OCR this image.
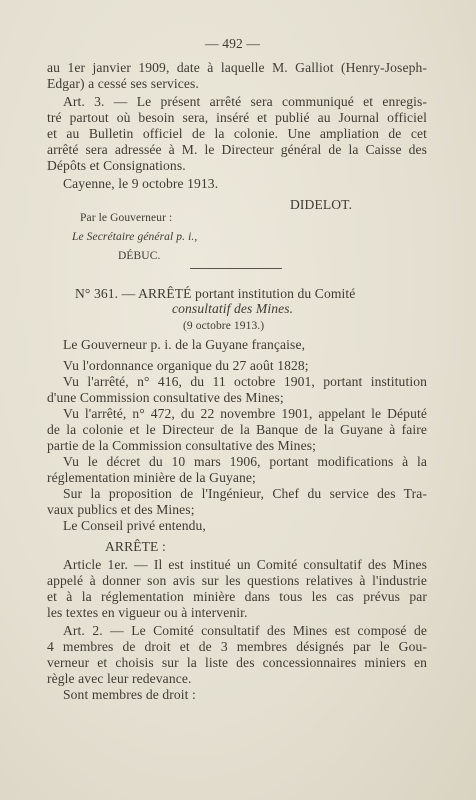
— 492 —
au 1er janvier 1909, date à laquelle M. Galliot (Henry-Joseph-
Edgar) a cessé ses services.
Art. 3. — Le présent arrêté sera communiqué et enregis-
tré partout où besoin sera, inséré et publié au Journal officiel
et au Bulletin officiel de la colonie. Une ampliation de cet
arrêté sera adressée à M. le Directeur général de la Caisse des
Dépôts et Consignations.
Cayenne, le 9 octobre 1913.
DIDELOT.
Par le Gouverneur :
Le Secrétaire général p. i.,
DÉBUC.
N° 361. — ARRÊTÉ portant institution du Comité
consultatif des Mines.
(9 octobre 1913.)
Le Gouverneur p. i. de la Guyane française,
Vu l'ordonnance organique du 27 août 1828;
Vu l'arrêté, n° 416, du 11 octobre 1901, portant institution
d'une Commission consultative des Mines;
Vu l'arrêté, n° 472, du 22 novembre 1901, appelant le Député
de la colonie et le Directeur de la Banque de la Guyane à faire
partie de la Commission consultative des Mines;
Vu le décret du 10 mars 1906, portant modifications à la
réglementation minière de la Guyane;
Sur la proposition de l'Ingénieur, Chef du service des Tra-
vaux publics et des Mines;
Le Conseil privé entendu,
ARRÊTE :
Article 1er. — Il est institué un Comité consultatif des Mines
appelé à donner son avis sur les questions relatives à l'industrie
et à la réglementation minière dans tous les cas prévus par
les textes en vigueur ou à intervenir.
Art. 2. — Le Comité consultatif des Mines est composé de
4 membres de droit et de 3 membres désignés par le Gou-
verneur et choisis sur la liste des concessionnaires miniers en
règle avec leur redevance.
Sont membres de droit :
